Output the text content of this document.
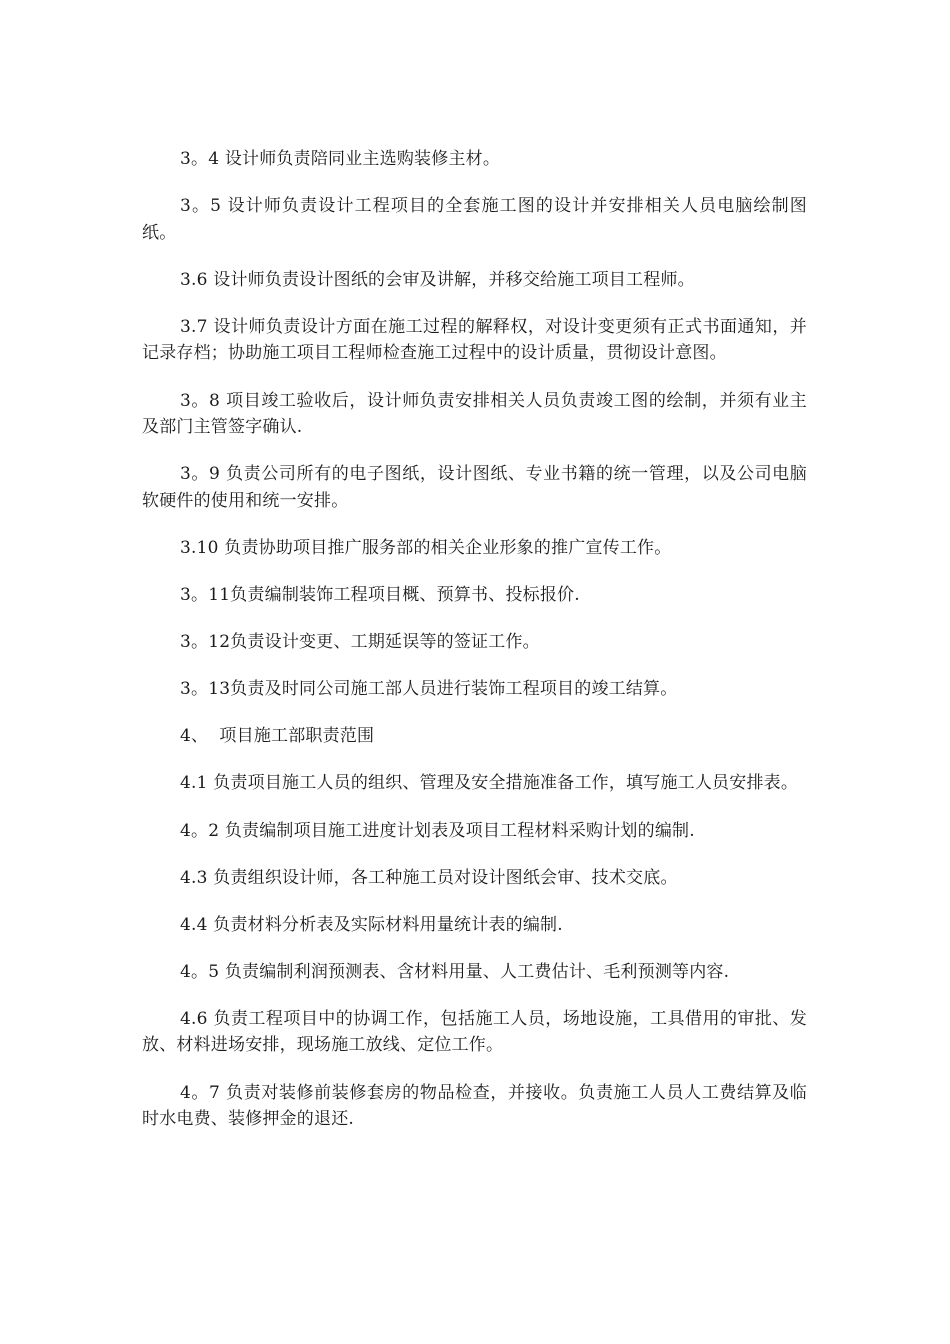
3。4 设计师负责陪同业主选购装修主材。

3。5 设计师负责设计工程项目的全套施工图的设计并安排相关人员电脑绘制图纸。

3.6 设计师负责设计图纸的会审及讲解，并移交给施工项目工程师。

3.7 设计师负责设计方面在施工过程的解释权，对设计变更须有正式书面通知，并记录存档；协助施工项目工程师检查施工过程中的设计质量，贯彻设计意图。

3。8 项目竣工验收后，设计师负责安排相关人员负责竣工图的绘制，并须有业主及部门主管签字确认.

3。9 负责公司所有的电子图纸，设计图纸、专业书籍的统一管理，以及公司电脑软硬件的使用和统一安排。

3.10 负责协助项目推广服务部的相关企业形象的推广宣传工作。

3。11负责编制装饰工程项目概、预算书、投标报价.

3。12负责设计变更、工期延误等的签证工作。

3。13负责及时同公司施工部人员进行装饰工程项目的竣工结算。

4、  项目施工部职责范围

4.1 负责项目施工人员的组织、管理及安全措施准备工作，填写施工人员安排表。

4。2 负责编制项目施工进度计划表及项目工程材料采购计划的编制.

4.3 负责组织设计师，各工种施工员对设计图纸会审、技术交底。

4.4 负责材料分析表及实际材料用量统计表的编制.

4。5 负责编制利润预测表、含材料用量、人工费估计、毛利预测等内容.

4.6 负责工程项目中的协调工作，包括施工人员，场地设施，工具借用的审批、发放、材料进场安排，现场施工放线、定位工作。

4。7 负责对装修前装修套房的物品检查，并接收。负责施工人员人工费结算及临时水电费、装修押金的退还.
